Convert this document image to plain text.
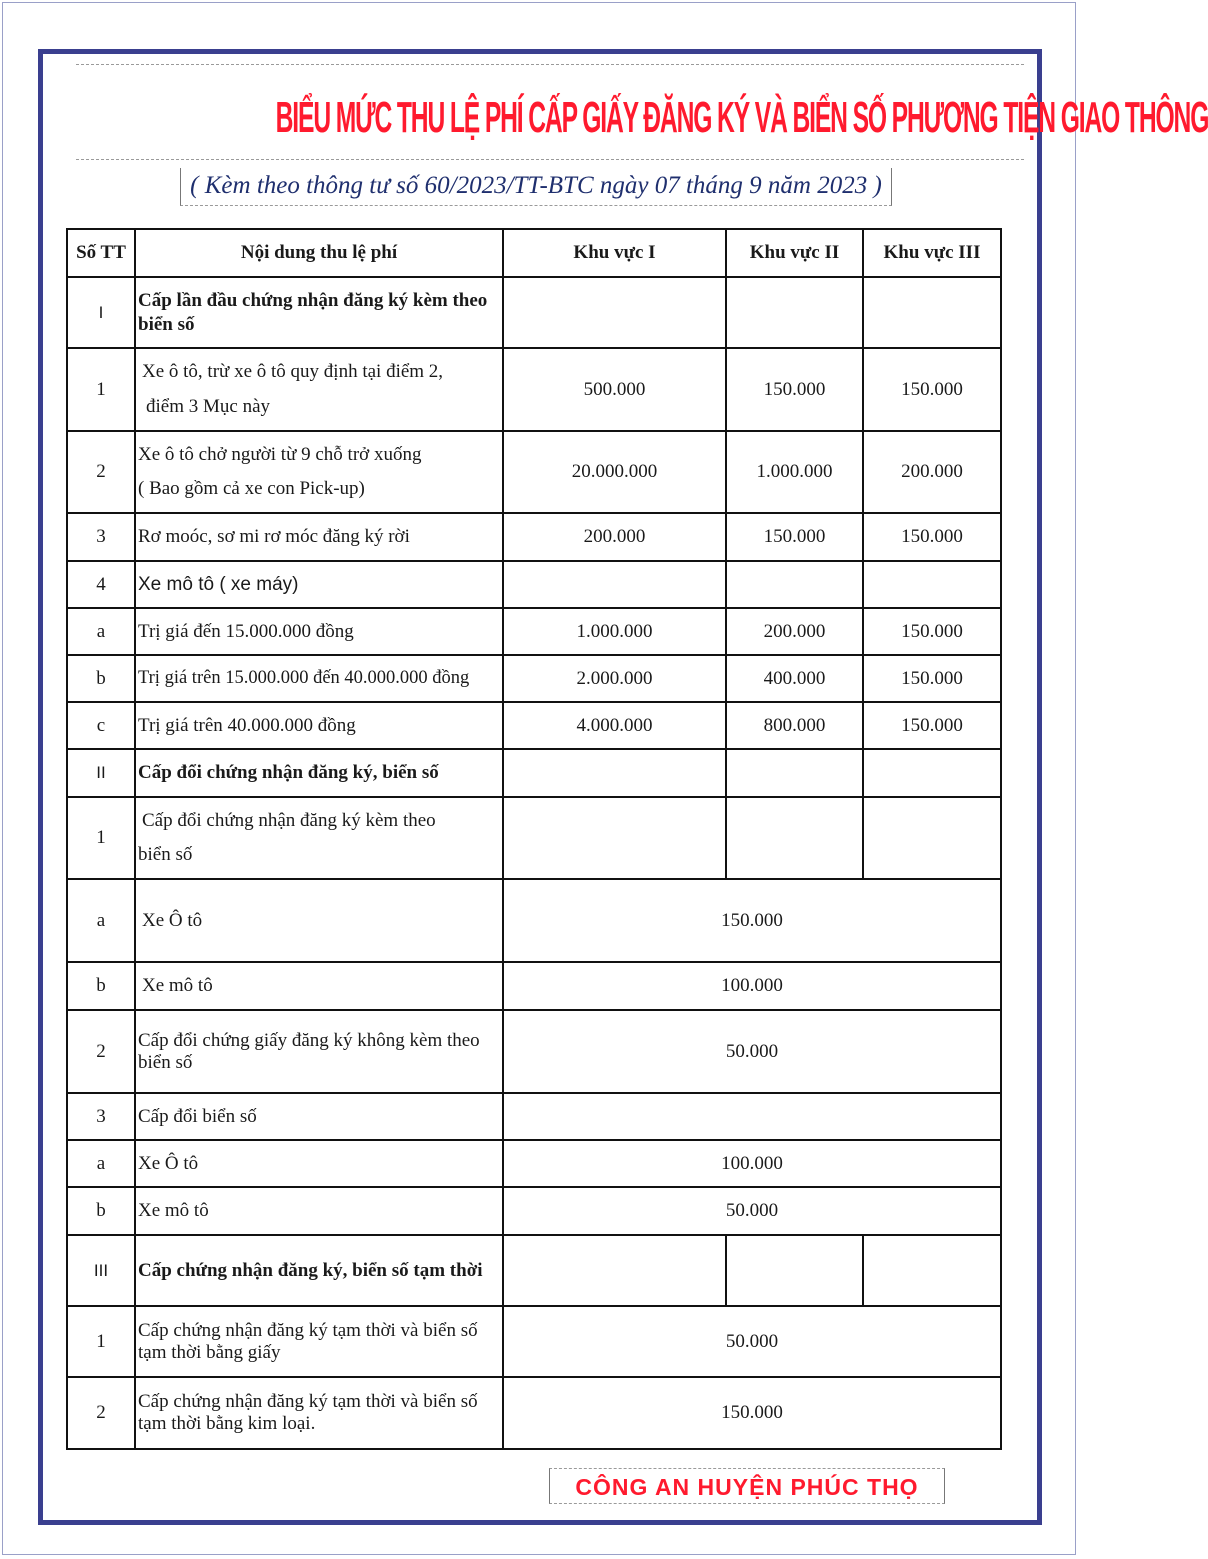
BIỂU MỨC THU LỆ PHÍ CẤP GIẤY ĐĂNG KÝ VÀ BIỂN SỐ PHƯƠNG TIỆN GIAO THÔNG

( Kèm theo thông tư số 60/2023/TT-BTC ngày 07 tháng 9 năm 2023 )

Số TT	Nội dung thu lệ phí	Khu vực I	Khu vực II	Khu vực III
I	Cấp lần đầu chứng nhận đăng ký kèm theo biển số			
1	Xe ô tô, trừ xe ô tô quy định tại điểm 2,
điểm 3 Mục này	500.000	150.000	150.000
2	Xe ô tô chở người từ 9 chỗ trở xuống
( Bao gồm cả xe con Pick-up)	20.000.000	1.000.000	200.000
3	Rơ moóc, sơ mi rơ móc đăng ký rời	200.000	150.000	150.000
4	Xe mô tô ( xe máy)			
a	Trị giá đến 15.000.000 đồng	1.000.000	200.000	150.000
b	Trị giá trên 15.000.000 đến 40.000.000 đồng	2.000.000	400.000	150.000
c	Trị giá trên 40.000.000 đồng	4.000.000	800.000	150.000
II	Cấp đổi chứng nhận đăng ký, biển số			
1	Cấp đổi chứng nhận đăng ký kèm theo
biển số			

a	Xe Ô tô	150.000		
b	Xe mô tô	100.000		
2	Cấp đổi chứng giấy đăng ký không kèm theo biển số	50.000		
3	Cấp đổi biển số			
a	Xe Ô tô	100.000		
b	Xe mô tô	50.000		
III	Cấp chứng nhận đăng ký, biển số tạm thời			
1	Cấp chứng nhận đăng ký tạm thời và biển số tạm thời bằng giấy	50.000		
2	Cấp chứng nhận đăng ký tạm thời và biển số tạm thời bằng kim loại.	150.000		

CÔNG AN HUYỆN PHÚC THỌ
